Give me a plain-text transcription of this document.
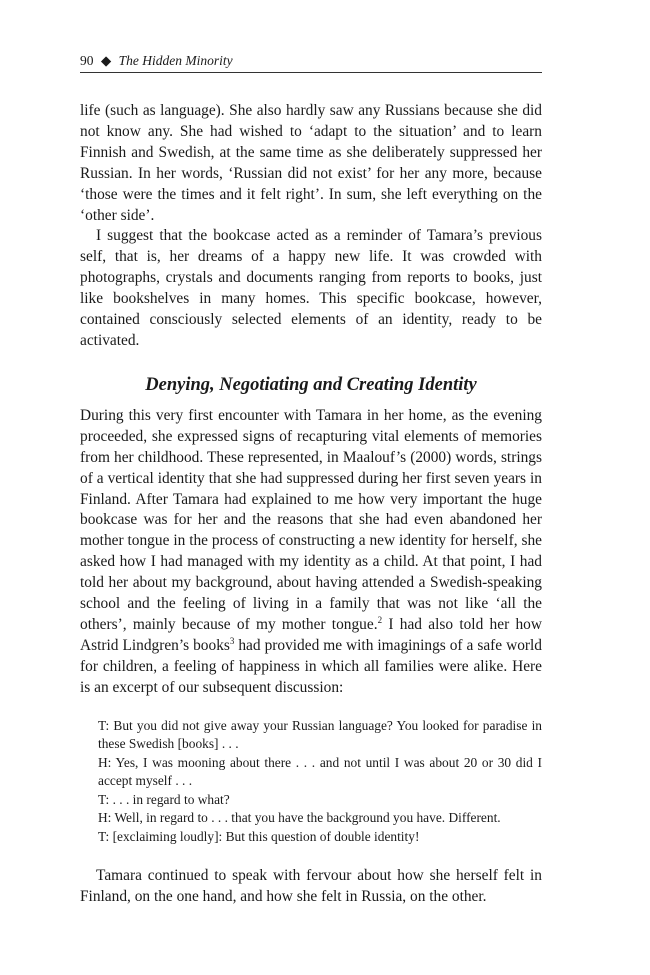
90 ◆ The Hidden Minority

life (such as language). She also hardly saw any Russians because she did not know any. She had wished to ‘adapt to the situation’ and to learn Finnish and Swedish, at the same time as she deliberately suppressed her Russian. In her words, ‘Russian did not exist’ for her any more, because ‘those were the times and it felt right’. In sum, she left everything on the ‘other side’.

I suggest that the bookcase acted as a reminder of Tamara’s previous self, that is, her dreams of a happy new life. It was crowded with photographs, crystals and documents ranging from reports to books, just like bookshelves in many homes. This specific bookcase, however, contained consciously selected elements of an identity, ready to be activated.

Denying, Negotiating and Creating Identity

During this very first encounter with Tamara in her home, as the evening proceeded, she expressed signs of recapturing vital elements of memories from her childhood. These represented, in Maalouf’s (2000) words, strings of a vertical identity that she had suppressed during her first seven years in Finland. After Tamara had explained to me how very important the huge bookcase was for her and the reasons that she had even abandoned her mother tongue in the process of constructing a new identity for herself, she asked how I had managed with my identity as a child. At that point, I had told her about my background, about having attended a Swedish-speaking school and the feeling of living in a family that was not like ‘all the others’, mainly because of my mother tongue.$^2$ I had also told her how Astrid Lindgren’s books$^3$ had provided me with imaginings of a safe world for children, a feeling of happiness in which all families were alike. Here is an excerpt of our subsequent discussion:

T: But you did not give away your Russian language? You looked for paradise in these Swedish [books] . . .
H: Yes, I was mooning about there . . . and not until I was about 20 or 30 did I accept myself . . .
T: . . . in regard to what?
H: Well, in regard to . . . that you have the background you have. Different.
T: [exclaiming loudly]: But this question of double identity!

Tamara continued to speak with fervour about how she herself felt in Finland, on the one hand, and how she felt in Russia, on the other.
